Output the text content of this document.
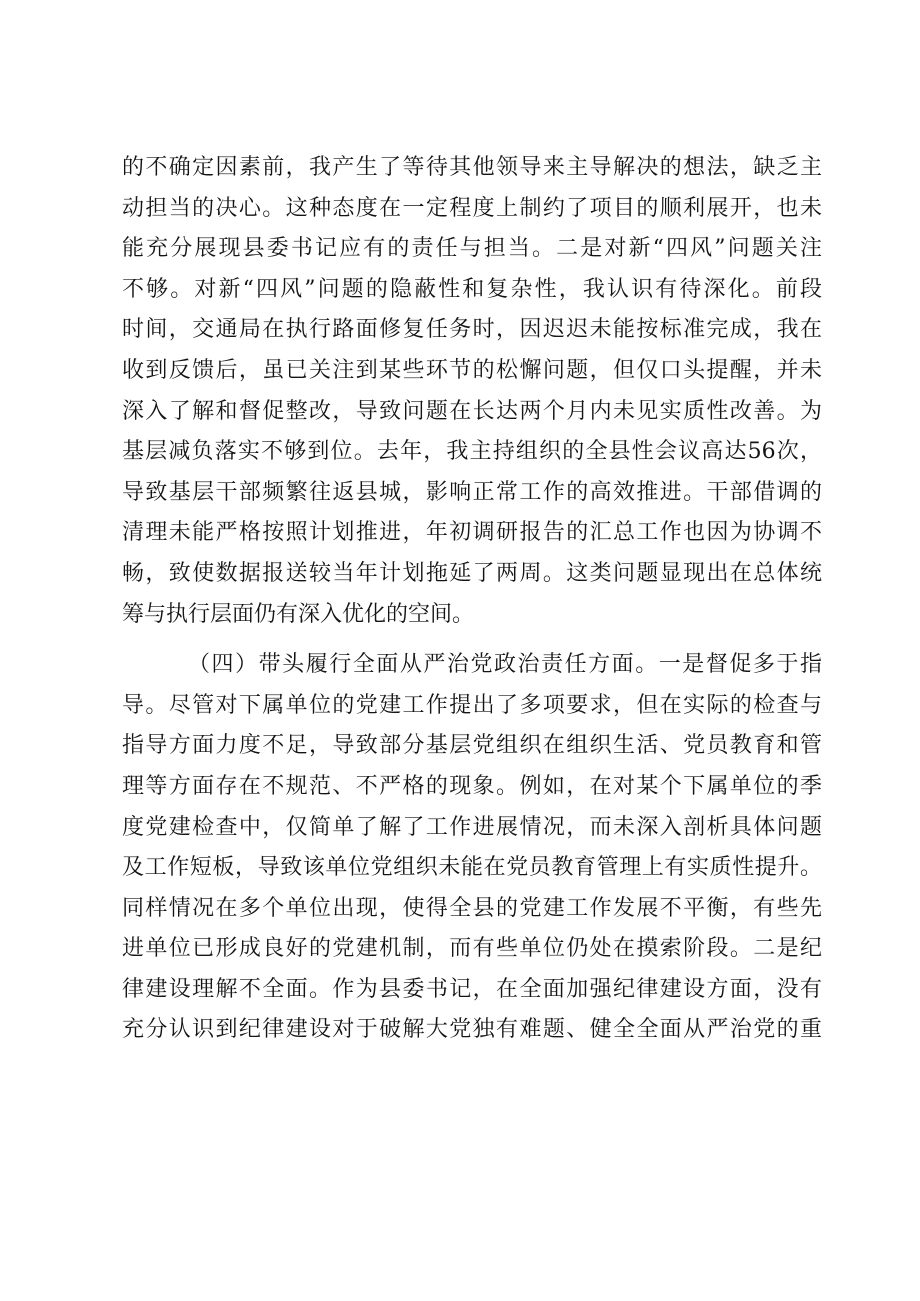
的不确定因素前，我产生了等待其他领导来主导解决的想法，缺乏主
动担当的决心。这种态度在一定程度上制约了项目的顺利展开，也未
能充分展现县委书记应有的责任与担当。二是对新“四风”问题关注
不够。对新“四风”问题的隐蔽性和复杂性，我认识有待深化。前段
时间，交通局在执行路面修复任务时，因迟迟未能按标准完成，我在
收到反馈后，虽已关注到某些环节的松懈问题，但仅口头提醒，并未
深入了解和督促整改，导致问题在长达两个月内未见实质性改善。为
基层减负落实不够到位。去年，我主持组织的全县性会议高达56次，
导致基层干部频繁往返县城，影响正常工作的高效推进。干部借调的
清理未能严格按照计划推进，年初调研报告的汇总工作也因为协调不
畅，致使数据报送较当年计划拖延了两周。这类问题显现出在总体统
筹与执行层面仍有深入优化的空间。
（四）带头履行全面从严治党政治责任方面。一是督促多于指
导。尽管对下属单位的党建工作提出了多项要求，但在实际的检查与
指导方面力度不足，导致部分基层党组织在组织生活、党员教育和管
理等方面存在不规范、不严格的现象。例如，在对某个下属单位的季
度党建检查中，仅简单了解了工作进展情况，而未深入剖析具体问题
及工作短板，导致该单位党组织未能在党员教育管理上有实质性提升。
同样情况在多个单位出现，使得全县的党建工作发展不平衡，有些先
进单位已形成良好的党建机制，而有些单位仍处在摸索阶段。二是纪
律建设理解不全面。作为县委书记，在全面加强纪律建设方面，没有
充分认识到纪律建设对于破解大党独有难题、健全全面从严治党的重
